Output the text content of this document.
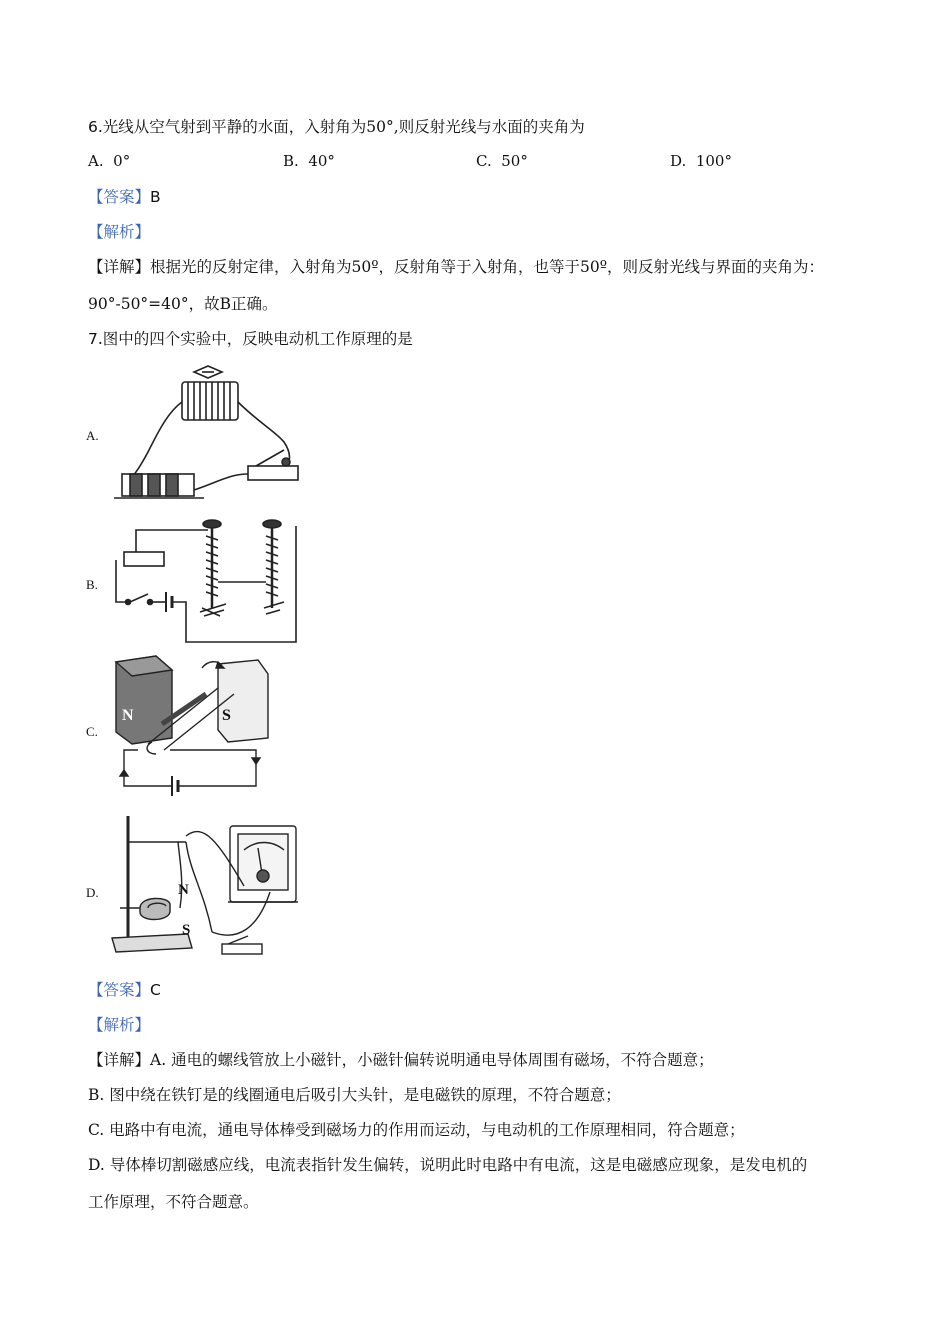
6.光线从空气射到平静的水面，入射角为50°,则反射光线与水面的夹角为
A. 0°	B. 40°	C. 50°	D. 100°
【答案】B
【解析】
【详解】根据光的反射定律，入射角为50º，反射角等于入射角，也等于50º，则反射光线与界面的夹角为：
90°-50°=40°，故B正确。
7.图中的四个实验中，反映电动机工作原理的是
A.
B.
C.
N	S
D.	N
S
【答案】C
【解析】
【详解】A. 通电的螺线管放上小磁针，小磁针偏转说明通电导体周围有磁场，不符合题意；
B. 图中绕在铁钉是的线圈通电后吸引大头针，是电磁铁的原理，不符合题意；
C. 电路中有电流，通电导体棒受到磁场力的作用而运动，与电动机的工作原理相同，符合题意；
D. 导体棒切割磁感应线，电流表指针发生偏转，说明此时电路中有电流，这是电磁感应现象，是发电机的
工作原理，不符合题意。
